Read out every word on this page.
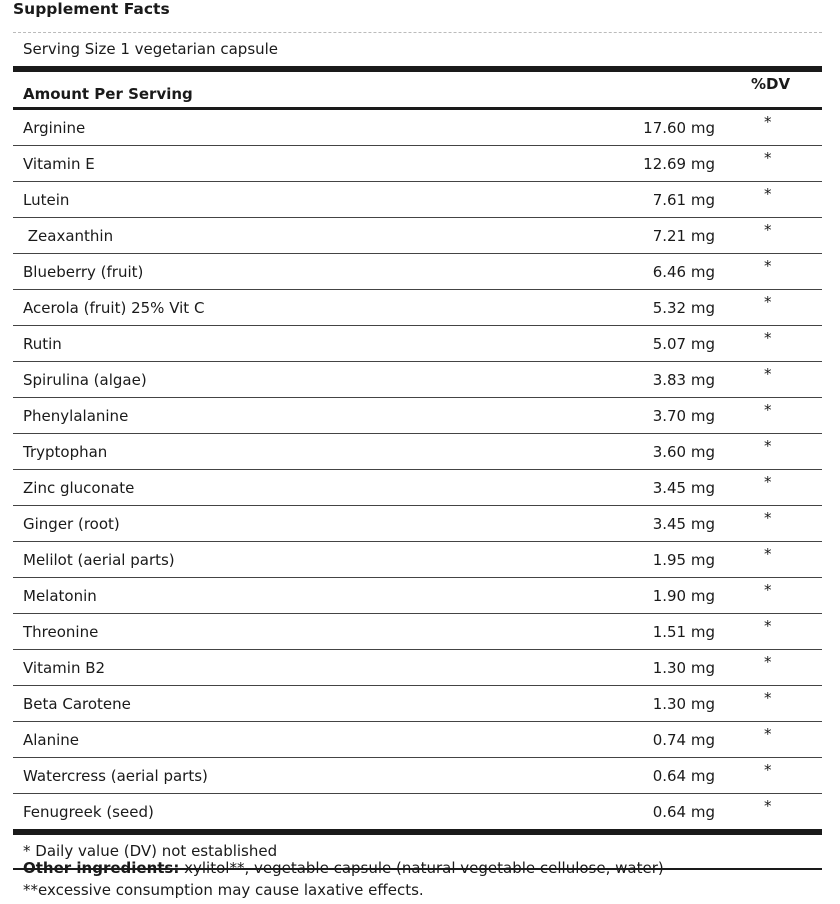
Supplement Facts
Serving Size 1 vegetarian capsule
Amount Per Serving
%DV
Arginine	17.60 mg	*
Vitamin E	12.69 mg	*
Lutein	7.61 mg	*
Zeaxanthin	7.21 mg	*
Blueberry (fruit)	6.46 mg	*
Acerola (fruit) 25% Vit C	5.32 mg	*
Rutin	5.07 mg	*
Spirulina (algae)	3.83 mg	*
Phenylalanine	3.70 mg	*
Tryptophan	3.60 mg	*
Zinc gluconate	3.45 mg	*
Ginger (root)	3.45 mg	*
Melilot (aerial parts)	1.95 mg	*
Melatonin	1.90 mg	*
Threonine	1.51 mg	*
Vitamin B2	1.30 mg	*
Beta Carotene	1.30 mg	*
Alanine	0.74 mg	*
Watercress (aerial parts)	0.64 mg	*
Fenugreek (seed)	0.64 mg	*
* Daily value (DV) not established
Other ingredients: xylitol**, vegetable capsule (natural vegetable cellulose, water)
**excessive consumption may cause laxative effects.
